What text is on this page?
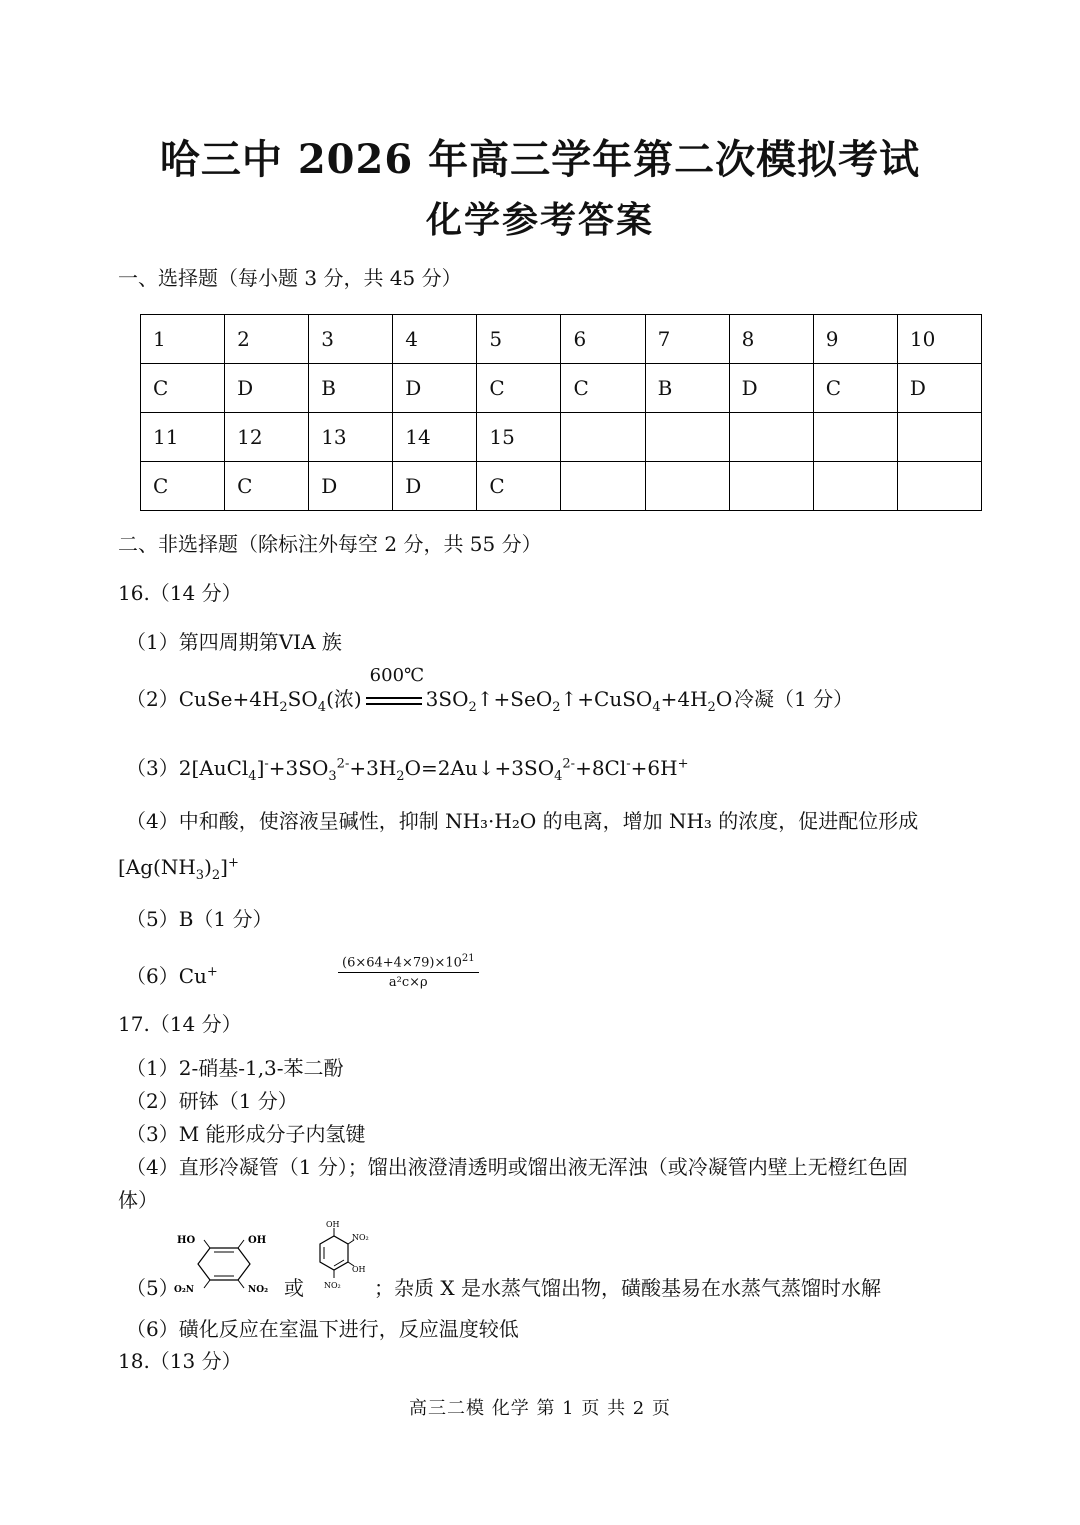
哈三中 2026 年高三学年第二次模拟考试
化学参考答案
一、选择题（每小题 3 分，共 45 分）
1	2	3	4	5	6	7	8	9	10
C	D	B	D	C	C	B	D	C	D
11	12	13	14	15					
C	C	D	D	C					
二、非选择题（除标注外每空 2 分，共 55 分）
16.（14 分）
（1）第四周期第VIA 族
$(2)CuSe+4H_2SO_4$(浓)
600℃
$3SO_2↑+SeO_2↑+CuSO_4+4H_2O$ 冷凝（1 分）
$(3)2[AuCl_4]^-+3SO_3^{2-}+3H_2O=2Au↓+3SO_4^{2-}+8Cl^-+6H^+$
（4）中和酸，使溶液呈碱性，抑制 NH₃·H₂O 的电离，增加 NH₃ 的浓度，促进配位形成
$[Ag(NH_3)_2]^+$
（5）B（1 分）
（6）Cu+	$\frac{(6\times 64+4\times 79)\times 10^{21}}{\text{a²c×ρ}}$
17.（14 分）
（1）2-硝基-1,3-苯二酚
（2）研钵（1 分）
（3）M 能形成分子内氢键
（4）直形冷凝管（1 分）；馏出液澄清透明或馏出液无浑浊（或冷凝管内壁上无橙红色固
体）
（5）
HO	OH
O₂N	NO₂ 或
OH
NO₂
OH
NO₂ ；杂质 X 是水蒸气馏出物，磺酸基易在水蒸气蒸馏时水解
（6）磺化反应在室温下进行，反应温度较低
18.（13 分）
高三二模 化学 第 1 页 共 2 页
